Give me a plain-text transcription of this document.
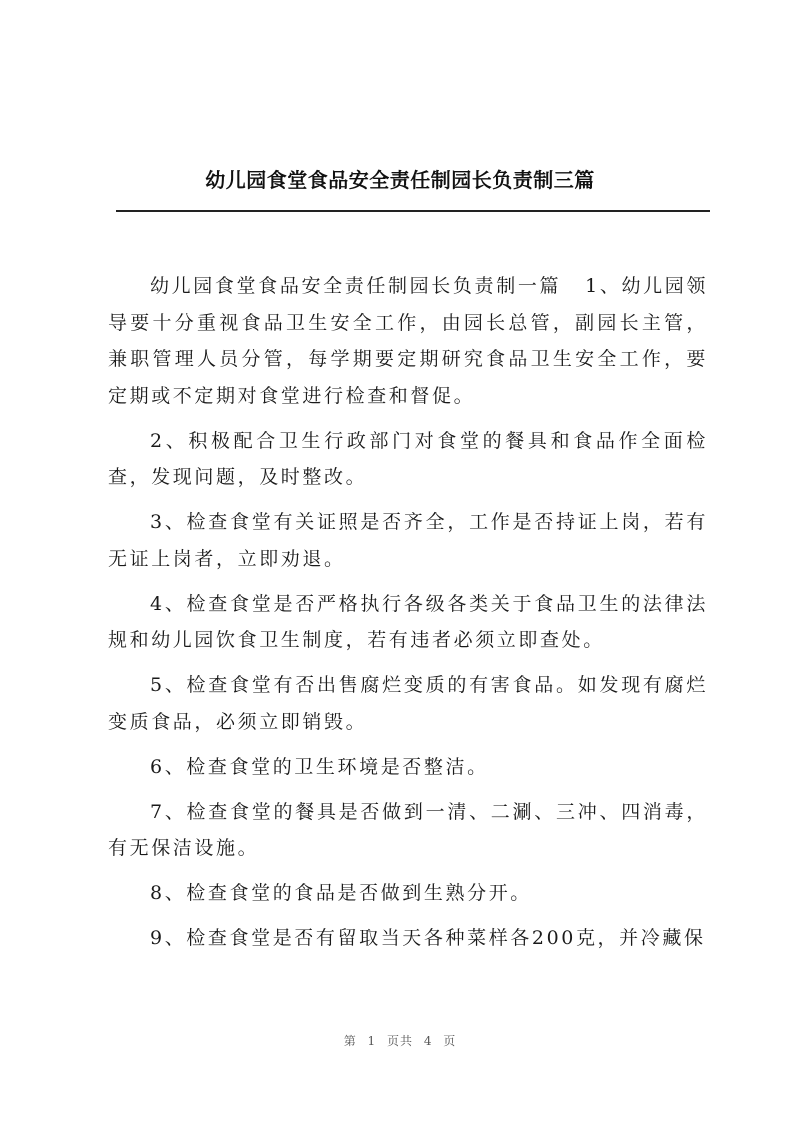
幼儿园食堂食品安全责任制园长负责制三篇

幼儿园食堂食品安全责任制园长负责制一篇 1、幼儿园领导要十分重视食品卫生安全工作，由园长总管，副园长主管，兼职管理人员分管，每学期要定期研究食品卫生安全工作，要定期或不定期对食堂进行检查和督促。

2、积极配合卫生行政部门对食堂的餐具和食品作全面检查，发现问题，及时整改。

3、检查食堂有关证照是否齐全，工作是否持证上岗，若有无证上岗者，立即劝退。

4、检查食堂是否严格执行各级各类关于食品卫生的法律法规和幼儿园饮食卫生制度，若有违者必须立即查处。

5、检查食堂有否出售腐烂变质的有害食品。如发现有腐烂变质食品，必须立即销毁。

6、检查食堂的卫生环境是否整洁。

7、检查食堂的餐具是否做到一清、二涮、三冲、四消毒，有无保洁设施。

8、检查食堂的食品是否做到生熟分开。

9、检查食堂是否有留取当天各种菜样各200克，并冷藏保

第 1 页共 4 页
